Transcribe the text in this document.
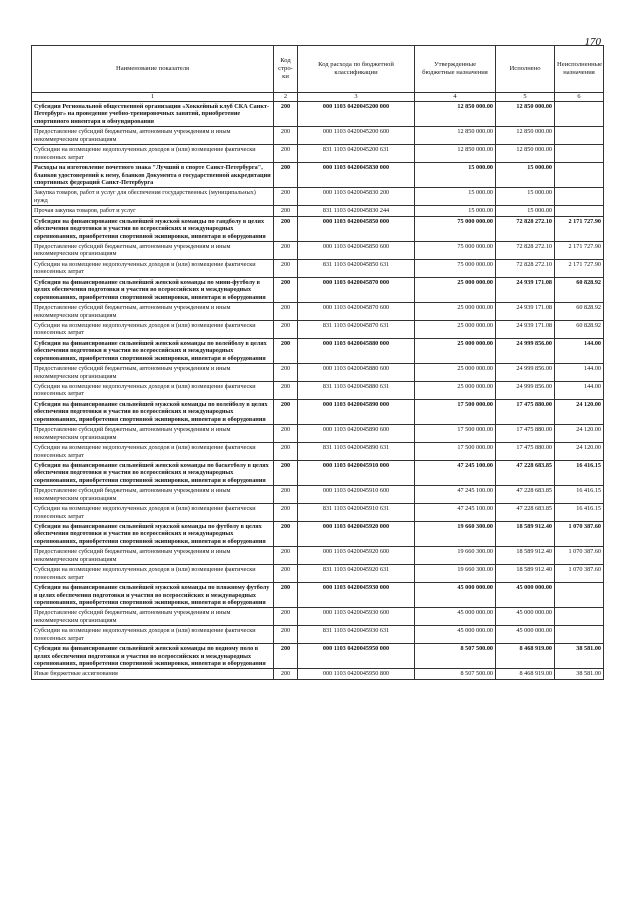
170
Наименование показателя	Код стро-ки	Код расхода по бюджетной классификации	Утвержденные бюджетные назначения	Исполнено	Неисполненные назначения
1	2	3	4	5	6
Субсидия Региональной общественной организации «Хоккейный клуб СКА Санкт-Петербург» на проведение учебно-тренировочных занятий, приобретение спортивного инвентаря и обмундирования	200	000 1103 0420045200 000	12 850 000.00	12 850 000.00	
Предоставление субсидий бюджетным, автономным учреждениям и иным некоммерческим организациям	200	000 1103 0420045200 600	12 850 000.00	12 850 000.00	
Субсидии на возмещение недополученных доходов и (или) возмещение фактически понесенных затрат	200	831 1103 0420045200 631	12 850 000.00	12 850 000.00	
Расходы на изготовление почетного знака "Лучший в спорте Санкт-Петербурга", бланков удостоверений к нему, бланков Документа о государственной аккредитации спортивных федераций Санкт-Петербурга	200	000 1103 0420045830 000	15 000.00	15 000.00	
Закупка товаров, работ и услуг для обеспечения государственных (муниципальных) нужд	200	000 1103 0420045830 200	15 000.00	15 000.00	
Прочая закупка товаров, работ и услуг	200	831 1103 0420045830 244	15 000.00	15 000.00	
Субсидия на финансирование сильнейшей мужской команды по гандболу в целях обеспечения подготовки и участия во всероссийских и международных соревнованиях, приобретения спортивной экипировки, инвентаря и оборудования	200	000 1103 0420045850 000	75 000 000.00	72 828 272.10	2 171 727.90
Предоставление субсидий бюджетным, автономным учреждениям и иным некоммерческим организациям	200	000 1103 0420045850 600	75 000 000.00	72 828 272.10	2 171 727.90
Субсидии на возмещение недополученных доходов и (или) возмещение фактически понесенных затрат	200	831 1103 0420045850 631	75 000 000.00	72 828 272.10	2 171 727.90
Субсидия на финансирование сильнейшей женской команды по мини-футболу в целях обеспечения подготовки и участия во всероссийских и международных соревнованиях, приобретения спортивной экипировки, инвентаря и оборудования	200	000 1103 0420045870 000	25 000 000.00	24 939 171.08	60 828.92
Предоставление субсидий бюджетным, автономным учреждениям и иным некоммерческим организациям	200	000 1103 0420045870 600	25 000 000.00	24 939 171.08	60 828.92
Субсидии на возмещение недополученных доходов и (или) возмещение фактически понесенных затрат	200	831 1103 0420045870 631	25 000 000.00	24 939 171.08	60 828.92
Субсидия на финансирование сильнейшей женской команды по волейболу в целях обеспечения подготовки и участия во всероссийских и международных соревнованиях, приобретения спортивной экипировки, инвентаря и оборудования	200	000 1103 0420045880 000	25 000 000.00	24 999 856.00	144.00
Предоставление субсидий бюджетным, автономным учреждениям и иным некоммерческим организациям	200	000 1103 0420045880 600	25 000 000.00	24 999 856.00	144.00
Субсидии на возмещение недополученных доходов и (или) возмещение фактически понесенных затрат	200	831 1103 0420045880 631	25 000 000.00	24 999 856.00	144.00
Субсидия на финансирование сильнейшей мужской команды по волейболу в целях обеспечения подготовки и участия во всероссийских и международных соревнованиях, приобретения спортивной экипировки, инвентаря и оборудования	200	000 1103 0420045890 000	17 500 000.00	17 475 880.00	24 120.00
Предоставление субсидий бюджетным, автономным учреждениям и иным некоммерческим организациям	200	000 1103 0420045890 600	17 500 000.00	17 475 880.00	24 120.00
Субсидии на возмещение недополученных доходов и (или) возмещение фактически понесенных затрат	200	831 1103 0420045890 631	17 500 000.00	17 475 880.00	24 120.00
Субсидия на финансирование сильнейшей женской команды по баскетболу в целях обеспечения подготовки и участия во всероссийских и международных соревнованиях, приобретения спортивной экипировки, инвентаря и оборудования	200	000 1103 0420045910 000	47 245 100.00	47 228 683.85	16 416.15
Предоставление субсидий бюджетным, автономным учреждениям и иным некоммерческим организациям	200	000 1103 0420045910 600	47 245 100.00	47 228 683.85	16 416.15
Субсидии на возмещение недополученных доходов и (или) возмещение фактически понесенных затрат	200	831 1103 0420045910 631	47 245 100.00	47 228 683.85	16 416.15
Субсидия на финансирование сильнейшей мужской команды по футболу в целях обеспечения подготовки и участия во всероссийских и международных соревнованиях, приобретения спортивной экипировки, инвентаря и оборудования	200	000 1103 0420045920 000	19 660 300.00	18 589 912.40	1 070 387.60
Предоставление субсидий бюджетным, автономным учреждениям и иным некоммерческим организациям	200	000 1103 0420045920 600	19 660 300.00	18 589 912.40	1 070 387.60
Субсидии на возмещение недополученных доходов и (или) возмещение фактически понесенных затрат	200	831 1103 0420045920 631	19 660 300.00	18 589 912.40	1 070 387.60
Субсидия на финансирование сильнейшей мужской команды по пляжному футболу в целях обеспечения подготовки и участия во всероссийских и международных соревнованиях, приобретения спортивной экипировки, инвентаря и оборудования	200	000 1103 0420045930 000	45 000 000.00	45 000 000.00	
Предоставление субсидий бюджетным, автономным учреждениям и иным некоммерческим организациям	200	000 1103 0420045930 600	45 000 000.00	45 000 000.00	
Субсидии на возмещение недополученных доходов и (или) возмещение фактически понесенных затрат	200	831 1103 0420045930 631	45 000 000.00	45 000 000.00	
Субсидия на финансирование сильнейшей женской команды по водному поло в целях обеспечения подготовки и участия во всероссийских и международных соревнованиях, приобретения спортивной экипировки, инвентаря и оборудования	200	000 1103 0420045950 000	8 507 500.00	8 468 919.00	38 581.00
Иные бюджетные ассигнования	200	000 1103 0420045950 800	8 507 500.00	8 468 919.00	38 581.00
